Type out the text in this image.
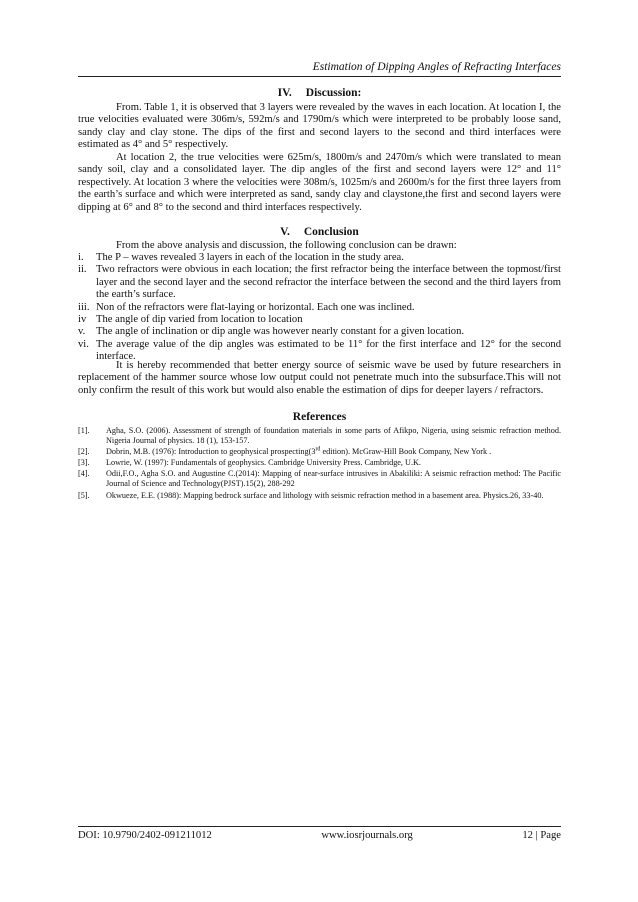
Estimation of Dipping Angles of Refracting Interfaces
IV. Discussion:

From. Table 1, it is observed that 3 layers were revealed by the waves in each location. At location I, the true velocities evaluated were 306m/s, 592m/s and 1790m/s which were interpreted to be probably loose sand, sandy clay and clay stone. The dips of the first and second layers to the second and third interfaces were estimated as 4° and 5° respectively.

At location 2, the true velocities were 625m/s, 1800m/s and 2470m/s which were translated to mean sandy soil, clay and a consolidated layer. The dip angles of the first and second layers were 12° and 11° respectively. At location 3 where the velocities were 308m/s, 1025m/s and 2600m/s for the first three layers from the earth’s surface and which were interpreted as sand, sandy clay and claystone,the first and second layers were dipping at 6° and 8° to the second and third interfaces respectively.

V. Conclusion

From the above analysis and discussion, the following conclusion can be drawn:

i. The P – waves revealed 3 layers in each of the location in the study area.
ii. Two refractors were obvious in each location; the first refractor being the interface between the topmost/first layer and the second layer and the second refractor the interface between the second and the third layers from the earth’s surface.
iii. Non of the refractors were flat-laying or horizontal. Each one was inclined.
iv The angle of dip varied from location to location
v. The angle of inclination or dip angle was however nearly constant for a given location.
vi. The average value of the dip angles was estimated to be 11° for the first interface and 12° for the second interface.

It is hereby recommended that better energy source of seismic wave be used by future researchers in replacement of the hammer source whose low output could not penetrate much into the subsurface.This will not only confirm the result of this work but would also enable the estimation of dips for deeper layers / refractors.

References
[1]. Agha, S.O. (2006). Assessment of strength of foundation materials in some parts of Afikpo, Nigeria, using seismic refraction method. Nigeria Journal of physics. 18 (1), 153-157.
[2]. Dobrin, M.B. (1976): Introduction to geophysical prospecting(3rd edition). McGraw-Hill Book Company, New York .
[3]. Lowrie, W. (1997): Fundamentals of geophysics. Cambridge University Press. Cambridge, U.K.
[4]. Odii,F.O., Agha S.O. and Augustine C.(2014): Mapping of near-surface intrusives in Abakiliki: A seismic refraction method: The Pacific Journal of Science and Technology(PJST).15(2), 288-292
[5]. Okwueze, E.E. (1988): Mapping bedrock surface and lithology with seismic refraction method in a basement area. Physics.26, 33-40.
DOI: 10.9790/2402-091211012	www.iosrjournals.org	12 | Page
